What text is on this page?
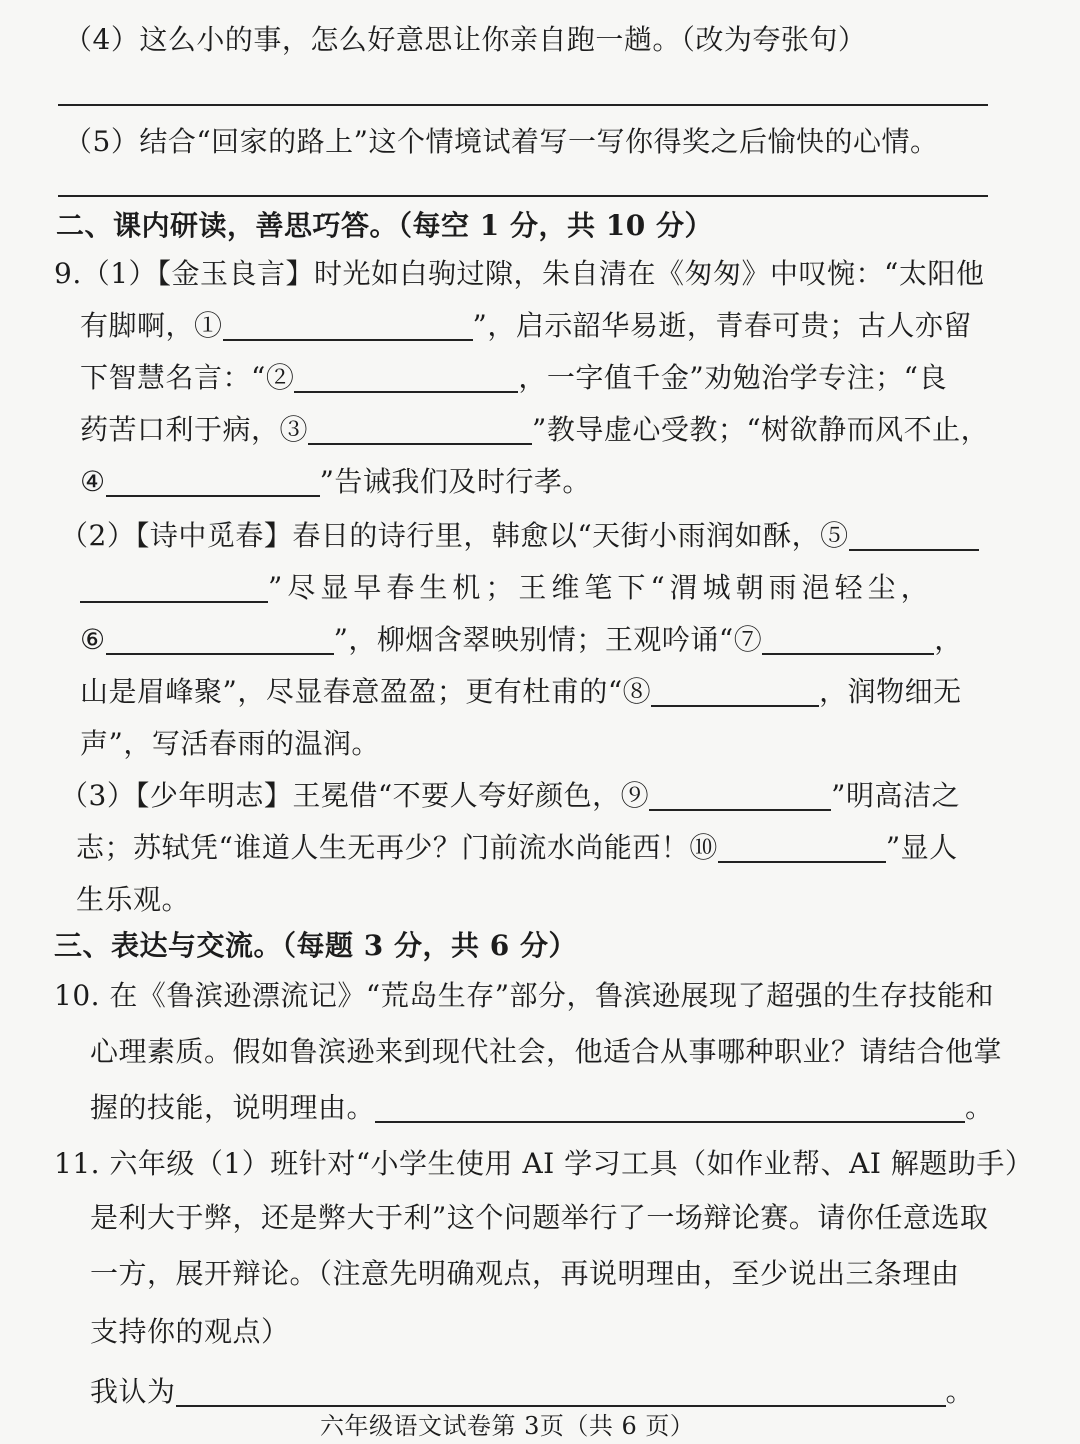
（4）这么小的事，怎么好意思让你亲自跑一趟。（改为夸张句）
（5）结合“回家的路上”这个情境试着写一写你得奖之后愉快的心情。
二、课内研读，善思巧答。（每空 1 分，共 10 分）
9.（1）【金玉良言】时光如白驹过隙，朱自清在《匆匆》中叹惋：“太阳他
有脚啊，①	”，启示韶华易逝，青春可贵；古人亦留
下智慧名言：“②	，一字值千金”劝勉治学专注；“良
药苦口利于病，③	”教导虚心受教；“树欲静而风不止，
④	”告诫我们及时行孝。
（2）【诗中觅春】春日的诗行里，韩愈以“天街小雨润如酥，⑤
”尽显早春生机；王维笔下“渭城朝雨浥轻尘，
⑥	”，柳烟含翠映别情；王观吟诵“⑦	，
山是眉峰聚”，尽显春意盈盈；更有杜甫的“⑧	，润物细无
声”，写活春雨的温润。
（3）【少年明志】王冕借“不要人夸好颜色，⑨	”明高洁之
志；苏轼凭“谁道人生无再少？门前流水尚能西！⑩	”显人
生乐观。
三、表达与交流。（每题 3 分，共 6 分）
10. 在《鲁滨逊漂流记》“荒岛生存”部分，鲁滨逊展现了超强的生存技能和
心理素质。假如鲁滨逊来到现代社会，他适合从事哪种职业？请结合他掌
握的技能，说明理由。	。
11. 六年级（1）班针对“小学生使用 AI 学习工具（如作业帮、AI 解题助手）
是利大于弊，还是弊大于利”这个问题举行了一场辩论赛。请你任意选取
一方，展开辩论。（注意先明确观点，再说明理由，至少说出三条理由
支持你的观点）
我认为	。
六年级语文试卷第 3页（共 6 页）
